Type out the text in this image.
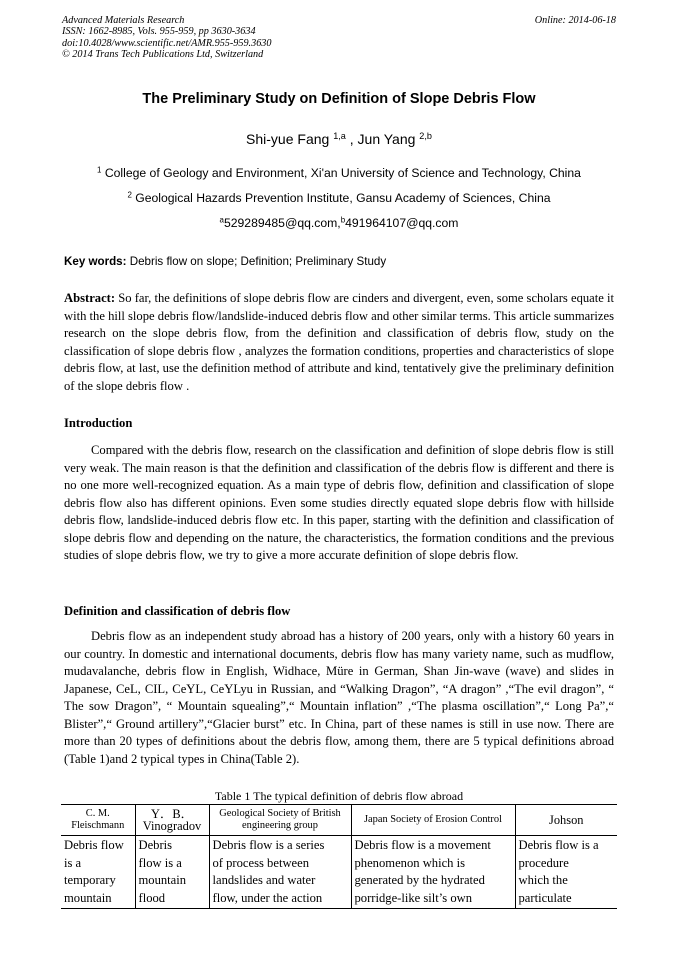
Advanced Materials Research
ISSN: 1662-8985, Vols. 955-959, pp 3630-3634
doi:10.4028/www.scientific.net/AMR.955-959.3630
© 2014 Trans Tech Publications Ltd, Switzerland
Online: 2014-06-18
The Preliminary Study on Definition of Slope Debris Flow
Shi-yue Fang $^{1,a}$ , Jun Yang $^{2,b}$
$^1$ College of Geology and Environment, Xi'an University of Science and Technology, China
$^2$ Geological Hazards Prevention Institute, Gansu Academy of Sciences, China
$^a$529289485@qq.com,$^b$491964107@qq.com
Key words: Debris flow on slope; Definition; Preliminary Study

Abstract: So far, the definitions of slope debris flow are cinders and divergent, even, some scholars equate it with the hill slope debris flow/landslide-induced debris flow and other similar terms. This article summarizes research on the slope debris flow, from the definition and classification of debris flow, study on the classification of slope debris flow , analyzes the formation conditions, properties and characteristics of slope debris flow, at last, use the definition method of attribute and kind, tentatively give the preliminary definition of the slope debris flow .

Introduction

Compared with the debris flow, research on the classification and definition of slope debris flow is still very weak. The main reason is that the definition and classification of the debris flow is different and there is no one more well-recognized equation. As a main type of debris flow, definition and classification of slope debris flow also has different opinions. Even some studies directly equated slope debris flow with hillside debris flow, landslide-induced debris flow etc. In this paper, starting with the definition and classification of slope debris flow and depending on the nature, the characteristics, the formation conditions and the previous studies of slope debris flow, we try to give a more accurate definition of slope debris flow.

Definition and classification of debris flow

Debris flow as an independent study abroad has a history of 200 years, only with a history 60 years in our country. In domestic and international documents, debris flow has many variety name, such as mudflow, mudavalanche, debris flow in English, Widhace, Müre in German, Shan Jin-wave (wave) and slides in Japanese, CeL, CIL, CeYL, CeYLyu in Russian, and “Walking Dragon”, “A dragon” ,“The evil dragon”, “ The sow Dragon”, “ Mountain squealing”,“ Mountain inflation” ,“The plasma oscillation”,“ Long Pa”,“ Blister”,“ Ground artillery”,“Glacier burst” etc. In China, part of these names is still in use now. There are more than 20 types of definitions about the debris flow, among them, there are 5 typical definitions abroad (Table 1)and 2 typical types in China(Table 2).

Table 1 The typical definition of debris flow abroad
C. M. Fleischmann	Y．B． Vinogradov	Geological Society of British engineering group	Japan Society of Erosion Control	Johson

Debris flow
is a
temporary
mountain	Debris
flow is a
mountain
flood	Debris flow is a series
of process between
landslides and water
flow, under the action	Debris flow is a movement
phenomenon which is
generated by the hydrated
porridge-like silt’s own	Debris flow is a
procedure
which the
particulate
